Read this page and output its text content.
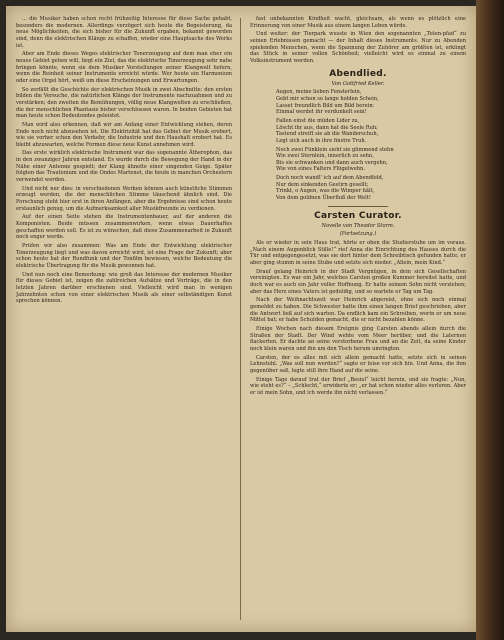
... die Musiker haben schon recht frühzeitig Interesse für diese Sache gehabt, besonders die modernen. Allerdings verzögert sich heute die Begeisterung, da neue Möglichkeiten, die sich bisher für die Zukunft ergaben, bekannt geworden sind, denn die elektrischen Klänge zu schaffen, wieder eine Hauptsache des Werks ist.

Aber am Ende dieses Weges elektrischer Tonerzeugung auf dem man eher ein neues Gebiet gehen will, liegt ein Ziel, das die elektrische Tonerzeugung sehr nahe bringen könnte, wenn sie dem Musiker Vorstellungen seiner Klangwelt liefern, wenn die Reinheit seiner Instrumente erreicht würde. Wer heute ein Harmonium oder eine Orgel hört, weiß um diese Erscheinungen und Erwartungen.

So zerfällt die Geschichte der elektrischen Musik in zwei Abschnitte: den ersten bilden die Versuche, die natürlichen Klänge der Instrumente nachzuahmen und zu verstärken; den zweiten die Bemühungen, völlig neue Klangwelten zu erschließen, die der menschlichen Phantasie bisher verschlossen waren. In beiden Gebieten hat man heute schon Bedeutendes geleistet.

Man wird also erkennen, daß wir am Anfang einer Entwicklung stehen, deren Ende noch nicht abzusehen ist. Die Elektrizität hat das Gebiet der Musik erobert, wie sie vorher schon den Verkehr, die Industrie und den Haushalt erobert hat. Es bleibt abzuwarten, welche Formen diese neue Kunst annehmen wird.

Das erste wirklich elektrische Instrument war das sogenannte Ätherophon, das in den zwanziger Jahren entstand. Es wurde durch die Bewegung der Hand in der Nähe einer Antenne gespielt; der Klang ähnelte einer singenden Geige. Später folgten das Trautonium und die Ondes Martenot, die heute in manchen Orchestern verwendet werden.

Und nicht nur dies: in verschiedenen Werken können auch künstliche Stimmen erzeugt werden, die der menschlichen Stimme täuschend ähnlich sind. Die Forschung steht hier erst in ihren Anfängen, aber die Ergebnisse sind schon heute erstaunlich genug, um die Aufmerksamkeit aller Musikfreunde zu verdienen.

Auf der einen Seite stehen die Instrumentenbauer, auf der anderen die Komponisten. Beide müssen zusammenwirken, wenn etwas Dauerhaftes geschaffen werden soll. Es ist zu wünschen, daß diese Zusammenarbeit in Zukunft noch enger werde.

Prüfen wir also zusammen: Was am Ende der Entwicklung elektrischer Tonerzeugung liegt und was davon erreicht wird, ist eine Frage der Zukunft; aber schon heute hat der Rundfunk und der Tonfilm bewiesen, welche Bedeutung die elektrische Übertragung für die Musik gewonnen hat.

Und nun noch eine Bemerkung: wie groß das Interesse der modernen Musiker für dieses Gebiet ist, zeigen die zahlreichen Aufsätze und Vorträge, die in den letzten Jahren darüber erschienen sind. Vielleicht wird man in wenigen Jahrzehnten schon von einer elektrischen Musik als einer selbständigen Kunst sprechen können.

fast unbekannten Kindheit wacht, gleichsam, als wenn es plötzlich eine Erinnerung von einer Musik aus einem langen Leben würde.

Und weiter: der Tierpark wusste in Wien den sogenannten „Toten-pfad“ zu seinen Erlebnissen gemacht — der Inhalt dieses Instruments. Nur zu Abenden spielenden Menschen, wenn die Spannung der Zuhörer am größten ist, erklingt das Stück in seiner vollen Schönheit; vielleicht wird es einmal zu einem Volksinstrument werden.

Abendlied.
Von Gottfried Keller.
Augen, meine lieben Fensterlein,
Gebt mir schon so lange holden Schein,
Lasset freundlich Bild um Bild herein:
Einmal werdet ihr verdunkelt sein!
Fallen einst die müden Lider zu,
Löscht ihr aus, dann hat die Seele Ruh;
Tastend streift sie ab die Wanderschuh,
Legt sich auch in ihre finstre Truh.
Noch zwei Fünklein sieht sie glimmend stehn
Wie zwei Sternlein, innerlich zu sehn,
Bis sie schwanken und dann auch vergehn,
Wie von eines Falters Flügelwehn.
Doch noch wandl' ich auf dem Abendfeld,
Nur dem sinkenden Gestirn gesellt;
Trinkt, o Augen, was die Wimper hält,
Von dem goldnen Überfluß der Welt!
Carsten Curator.
Novelle von Theodor Storm.
(Fortsetzung.)

Als er wieder in sein Haus trat, hörte er oben die Studierstube um im voraus. „Nach einem Augenblick Stille!“ rief Anna die Einrichtung des Hauses durch die Tür und entgegengesetzt, was sie dort hinter dem Schreibtisch gefunden hatte; er aber ging stumm in seine Stube und setzte sich nieder. „Allein, mein Kind.“

Drauf gelang Heinrich in der Stadt Vergnügen, in dem sich Gesellschaften vereinigten. Es war ein Jahr, welches Carsten großen Kummer bereitet hatte, und doch war es auch ein Jahr voller Hoffnung. Er hatte seinem Sohn nicht verziehen; aber das Herz eines Vaters ist geduldig, und so wartete er Tag um Tag.

Nach der Weihnachtszeit war Heinrich abgereist, ohne sich noch einmal gemeldet zu haben. Die Schwester hatte ihm einen langen Brief geschrieben, aber die Antwort ließ auf sich warten. Da endlich kam ein Schreiben, worin er um neue Mittel bat; er habe Schulden gemacht, die er nicht bezahlen könne.

Einige Wochen nach diesem Ereignis ging Carsten abends allein durch die Straßen der Stadt. Der Wind wehte vom Meer herüber, und die Laternen flackerten. Er dachte an seine verstorbene Frau und an die Zeit, da seine Kinder noch klein waren und ihn um den Tisch herum umringten.

Carsten, der es alles mit sich allein gemacht hatte, setzte sich in seinen Lehnstuhl. „Was soll nun werden?“ sagte er leise vor sich hin. Und Anna, die ihm gegenüber saß, legte still ihre Hand auf die seine.

Einige Tage darauf trat der Brief „Besiel“ leicht herein, und sie fragte: „Nun, wie steht es?“ – „Schlecht,“ erwiderte er; „er hat schon wieder alles verloren. Aber er ist mein Sohn, und ich werde ihn nicht verlassen.“
